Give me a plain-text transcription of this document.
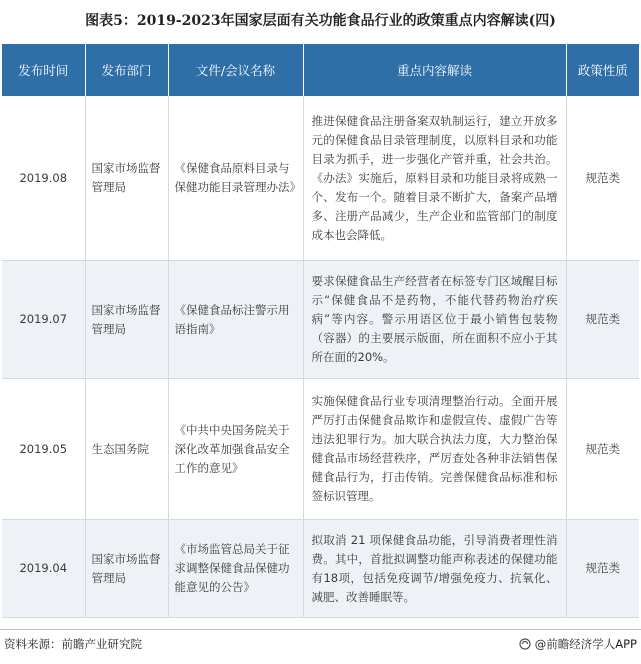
图表5：2019-2023年国家层面有关功能食品行业的政策重点内容解读(四)
发布时间	发布部门	文件/会议名称	重点内容解读	政策性质
2019.08	国家市场监督管理局	《保健食品原料目录与保健功能目录管理办法》	推进保健食品注册备案双轨制运行，建立开放多元的保健食品目录管理制度，以原料目录和功能目录为抓手，进一步强化产管并重，社会共治。《办法》实施后，原料目录和功能目录将成熟一个、发布一个。随着目录不断扩大，备案产品增多、注册产品减少，生产企业和监管部门的制度成本也会降低。	规范类
2019.07	国家市场监督管理局	《保健食品标注警示用语指南》	要求保健食品生产经营者在标签专门区域醒目标示“保健食品不是药物，不能代替药物治疗疾病”等内容。警示用语区位于最小销售包装物（容器）的主要展示版面，所在面积不应小于其所在面的20%。	规范类
2019.05	生态国务院	《中共中央国务院关于深化改革加强食品安全工作的意见》	实施保健食品行业专项清理整治行动。全面开展严厉打击保健食品欺诈和虚假宣传、虚假广告等违法犯罪行为。加大联合执法力度，大力整治保健食品市场经营秩序，严厉查处各种非法销售保健食品行为，打击传销。完善保健食品标准和标签标识管理。	规范类
2019.04	国家市场监督管理局	《市场监管总局关于征求调整保健食品保健功能意见的公告》	拟取消 21 项保健食品功能，引导消费者理性消费。其中，首批拟调整功能声称表述的保健功能有18项，包括免疫调节/增强免疫力、抗氧化、减肥、改善睡眠等。	规范类
资料来源：前瞻产业研究院	@前瞻经济学人APP
